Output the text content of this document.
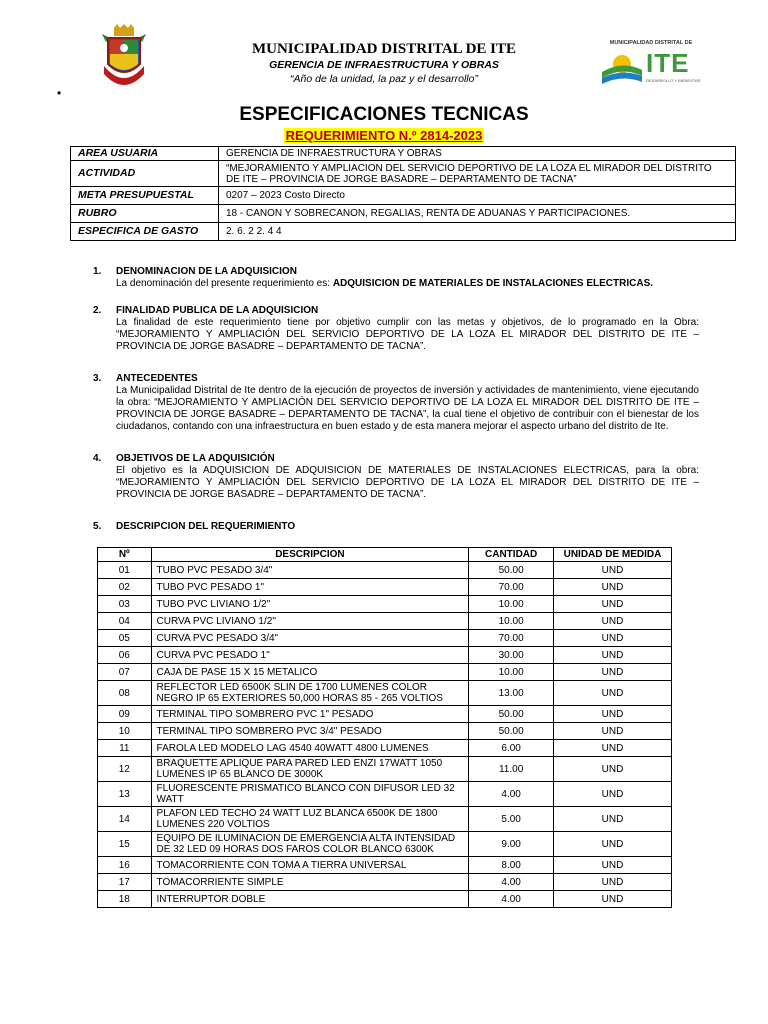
MUNICIPALIDAD DISTRITAL DE ITE
MUNICIPALIDAD DISTRITAL DE ITE
GERENCIA DE INFRAESTRUCTURA Y OBRAS
“Año de la unidad, la paz y el desarrollo”
MUNICIPALIDAD DISTRITAL DE
ITE
DESARROLLO Y BIENESTAR
•
ESPECIFICACIONES TECNICAS
REQUERIMIENTO N.º 2814-2023
AREA USUARIA	GERENCIA DE INFRAESTRUCTURA Y OBRAS
ACTIVIDAD	“MEJORAMIENTO Y AMPLIACION DEL SERVICIO DEPORTIVO DE LA LOZA EL MIRADOR DEL DISTRITO DE ITE – PROVINCIA DE JORGE BASADRE – DEPARTAMENTO DE TACNA”
META PRESUPUESTAL	0207 – 2023 Costo Directo
RUBRO	18 - CANON Y SOBRECANON, REGALIAS, RENTA DE ADUANAS Y PARTICIPACIONES.
ESPECIFICA DE GASTO	2. 6. 2 2. 4 4
1. DENOMINACION DE LA ADQUISICION
La denominación del presente requerimiento es: ADQUISICION DE MATERIALES DE INSTALACIONES ELECTRICAS.
2. FINALIDAD PUBLICA DE LA ADQUISICION
La finalidad de este requerimiento tiene por objetivo cumplir con las metas y objetivos, de lo programado en la Obra: “MEJORAMIENTO Y AMPLIACIÓN DEL SERVICIO DEPORTIVO DE LA LOZA EL MIRADOR DEL DISTRITO DE ITE – PROVINCIA DE JORGE BASADRE – DEPARTAMENTO DE TACNA”.
3. ANTECEDENTES
La Municipalidad Distrital de Ite dentro de la ejecución de proyectos de inversión y actividades de mantenimiento, viene ejecutando la obra: “MEJORAMIENTO Y AMPLIACIÓN DEL SERVICIO DEPORTIVO DE LA LOZA EL MIRADOR DEL DISTRITO DE ITE – PROVINCIA DE JORGE BASADRE – DEPARTAMENTO DE TACNA”, la cual tiene el objetivo de contribuir con el bienestar de los ciudadanos, contando con una infraestructura en buen estado y de esta manera mejorar el aspecto urbano del distrito de Ite.
4. OBJETIVOS DE LA ADQUISICIÓN
El objetivo es la ADQUISICION DE ADQUISICION DE MATERIALES DE INSTALACIONES ELECTRICAS, para la obra: “MEJORAMIENTO Y AMPLIACIÓN DEL SERVICIO DEPORTIVO DE LA LOZA EL MIRADOR DEL DISTRITO DE ITE – PROVINCIA DE JORGE BASADRE – DEPARTAMENTO DE TACNA”.
5. DESCRIPCION DEL REQUERIMIENTO
Nº	DESCRIPCION	CANTIDAD	UNIDAD DE MEDIDA
01	TUBO PVC PESADO 3/4"	50.00	UND
02	TUBO PVC PESADO 1"	70.00	UND
03	TUBO PVC LIVIANO 1/2"	10.00	UND
04	CURVA PVC LIVIANO 1/2"	10.00	UND
05	CURVA PVC PESADO 3/4"	70.00	UND
06	CURVA PVC PESADO 1"	30.00	UND
07	CAJA DE PASE 15 X 15 METALICO	10.00	UND
08	REFLECTOR LED 6500K SLIN DE 1700 LUMENES COLOR NEGRO IP 65 EXTERIORES 50,000 HORAS 85 - 265 VOLTIOS	13.00	UND
09	TERMINAL TIPO SOMBRERO PVC 1" PESADO	50.00	UND
10	TERMINAL TIPO SOMBRERO PVC 3/4" PESADO	50.00	UND
11	FAROLA LED MODELO LAG 4540 40WATT 4800 LUMENES	6.00	UND
12	BRAQUETTE APLIQUE PARA PARED LED ENZI 17WATT 1050 LUMENES IP 65 BLANCO DE 3000K	11.00	UND
13	FLUORESCENTE PRISMATICO BLANCO CON DIFUSOR LED 32 WATT	4.00	UND
14	PLAFON LED TECHO 24 WATT LUZ BLANCA 6500K DE 1800 LUMENES 220 VOLTIOS	5.00	UND
15	EQUIPO DE ILUMINACION DE EMERGENCIA ALTA INTENSIDAD DE 32 LED 09 HORAS DOS FAROS COLOR BLANCO 6300K	9.00	UND
16	TOMACORRIENTE CON TOMA A TIERRA UNIVERSAL	8.00	UND
17	TOMACORRIENTE SIMPLE	4.00	UND
18	INTERRUPTOR DOBLE	4.00	UND
